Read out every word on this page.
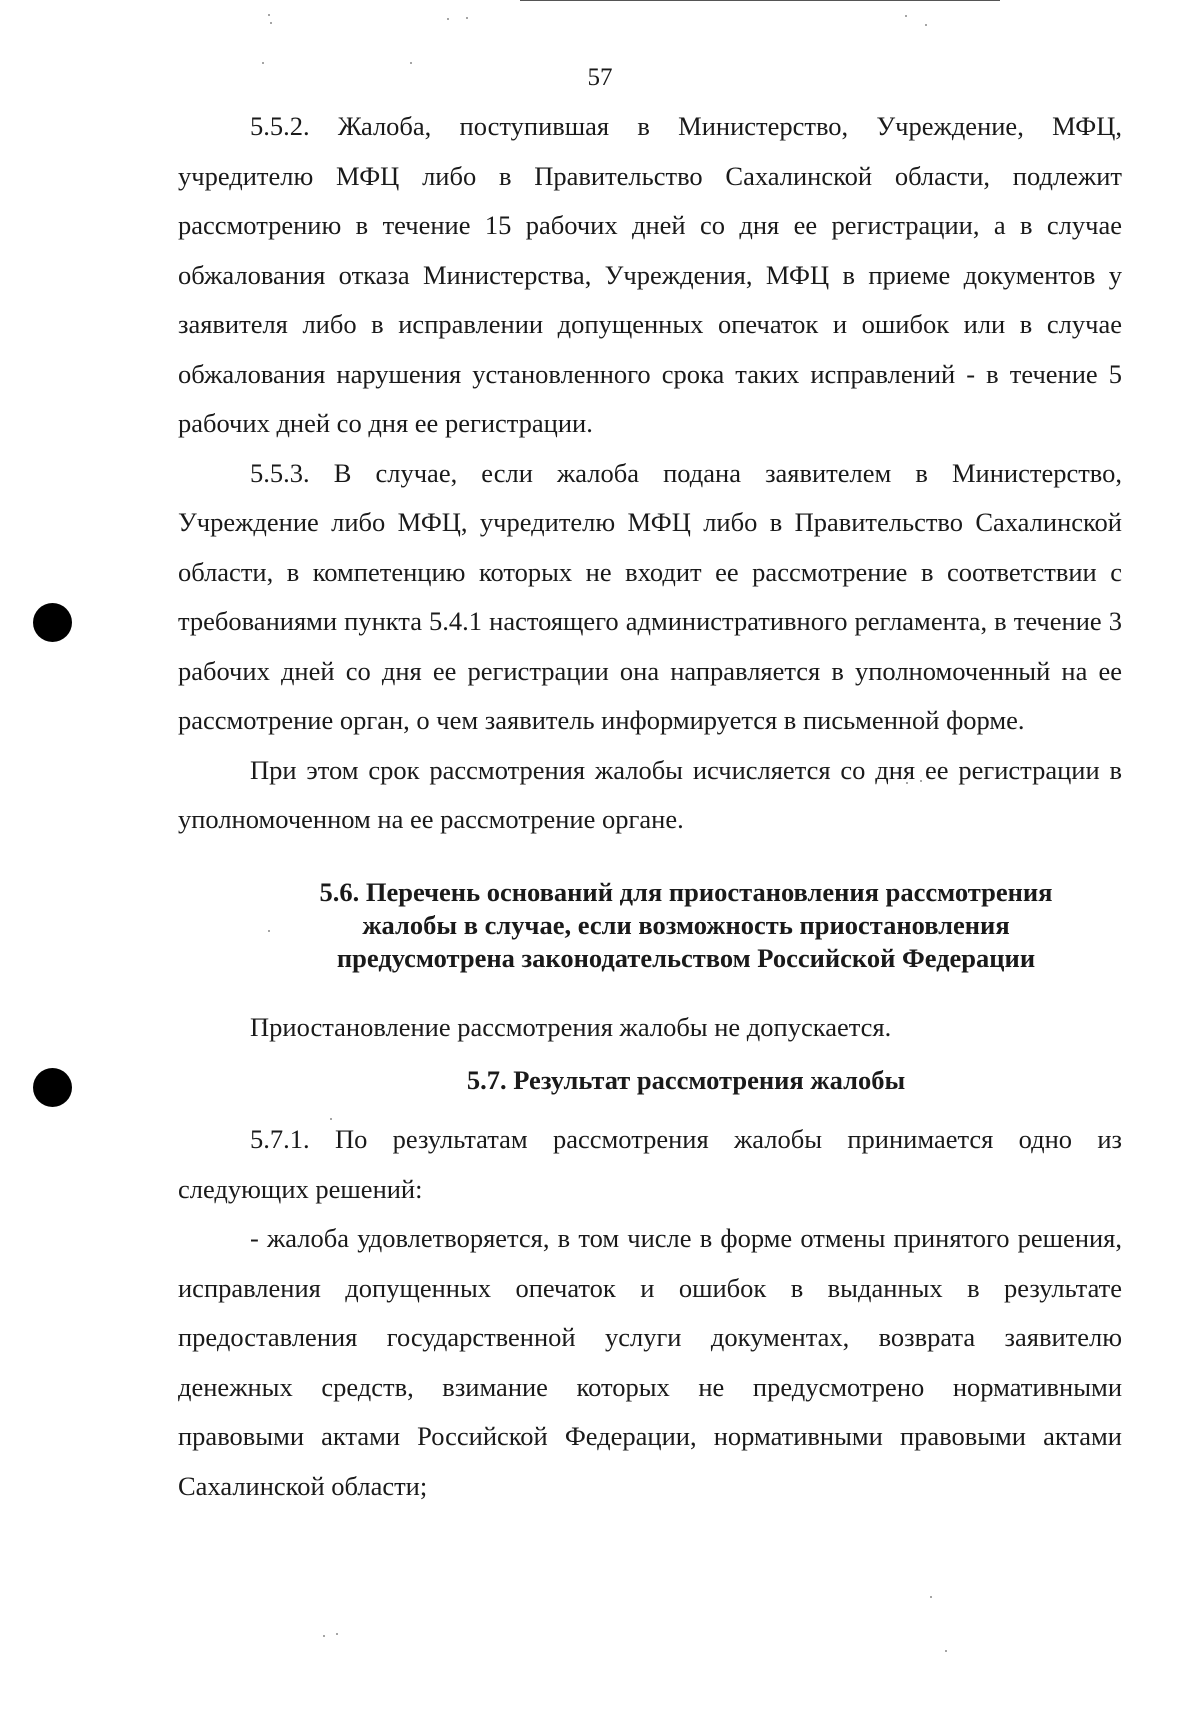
57

5.5.2. Жалоба, поступившая в Министерство, Учреждение, МФЦ, учредителю МФЦ либо в Правительство Сахалинской области, подлежит рассмотрению в течение 15 рабочих дней со дня ее регистрации, а в случае обжалования отказа Министерства, Учреждения, МФЦ в приеме документов у заявителя либо в исправлении допущенных опечаток и ошибок или в случае обжалования нарушения установленного срока таких исправлений - в течение 5 рабочих дней со дня ее регистрации.

5.5.3. В случае, если жалоба подана заявителем в Министерство, Учреждение либо МФЦ, учредителю МФЦ либо в Правительство Сахалинской области, в компетенцию которых не входит ее рассмотрение в соответствии с требованиями пункта 5.4.1 настоящего административного регламента, в течение 3 рабочих дней со дня ее регистрации она направляется в уполномоченный на ее рассмотрение орган, о чем заявитель информируется в письменной форме.

При этом срок рассмотрения жалобы исчисляется со дня ее регистрации в уполномоченном на ее рассмотрение органе.

5.6. Перечень оснований для приостановления рассмотрения
жалобы в случае, если возможность приостановления
предусмотрена законодательством Российской Федерации

Приостановление рассмотрения жалобы не допускается.

5.7. Результат рассмотрения жалобы

5.7.1. По результатам рассмотрения жалобы принимается одно из следующих решений:

- жалоба удовлетворяется, в том числе в форме отмены принятого решения, исправления допущенных опечаток и ошибок в выданных в результате предоставления государственной услуги документах, возврата заявителю денежных средств, взимание которых не предусмотрено нормативными правовыми актами Российской Федерации, нормативными правовыми актами Сахалинской области;
